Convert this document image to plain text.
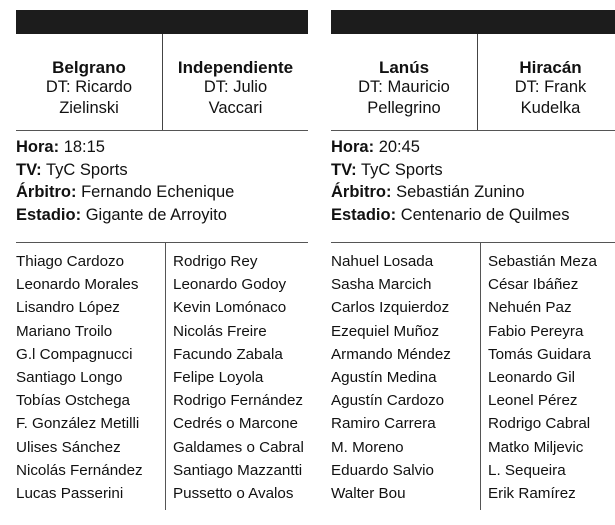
Belgrano
DT: Ricardo
Zielinski
Independiente
DT: Julio
Vaccari
Hora: 18:15
TV: TyC Sports
Árbitro: Fernando Echenique
Estadio: Gigante de Arroyito
Thiago Cardozo
Leonardo Morales
Lisandro López
Mariano Troilo
G.l Compagnucci
Santiago Longo
Tobías Ostchega
F. González Metilli
Ulises Sánchez
Nicolás Fernández
Lucas Passerini
Rodrigo Rey
Leonardo Godoy
Kevin Lomónaco
Nicolás Freire
Facundo Zabala
Felipe Loyola
Rodrigo Fernández
Cedrés o Marcone
Galdames o Cabral
Santiago Mazzantti
Pussetto o Avalos
Lanús
DT: Mauricio
Pellegrino
Hiracán
DT: Frank
Kudelka
Hora: 20:45
TV: TyC Sports
Árbitro: Sebastián Zunino
Estadio: Centenario de Quilmes
Nahuel Losada
Sasha Marcich
Carlos Izquierdoz
Ezequiel Muñoz
Armando Méndez
Agustín Medina
Agustín Cardozo
Ramiro Carrera
M. Moreno
Eduardo Salvio
Walter Bou
Sebastián Meza
César Ibáñez
Nehuén Paz
Fabio Pereyra
Tomás Guidara
Leonardo Gil
Leonel Pérez
Rodrigo Cabral
Matko Miljevic
L. Sequeira
Erik Ramírez
